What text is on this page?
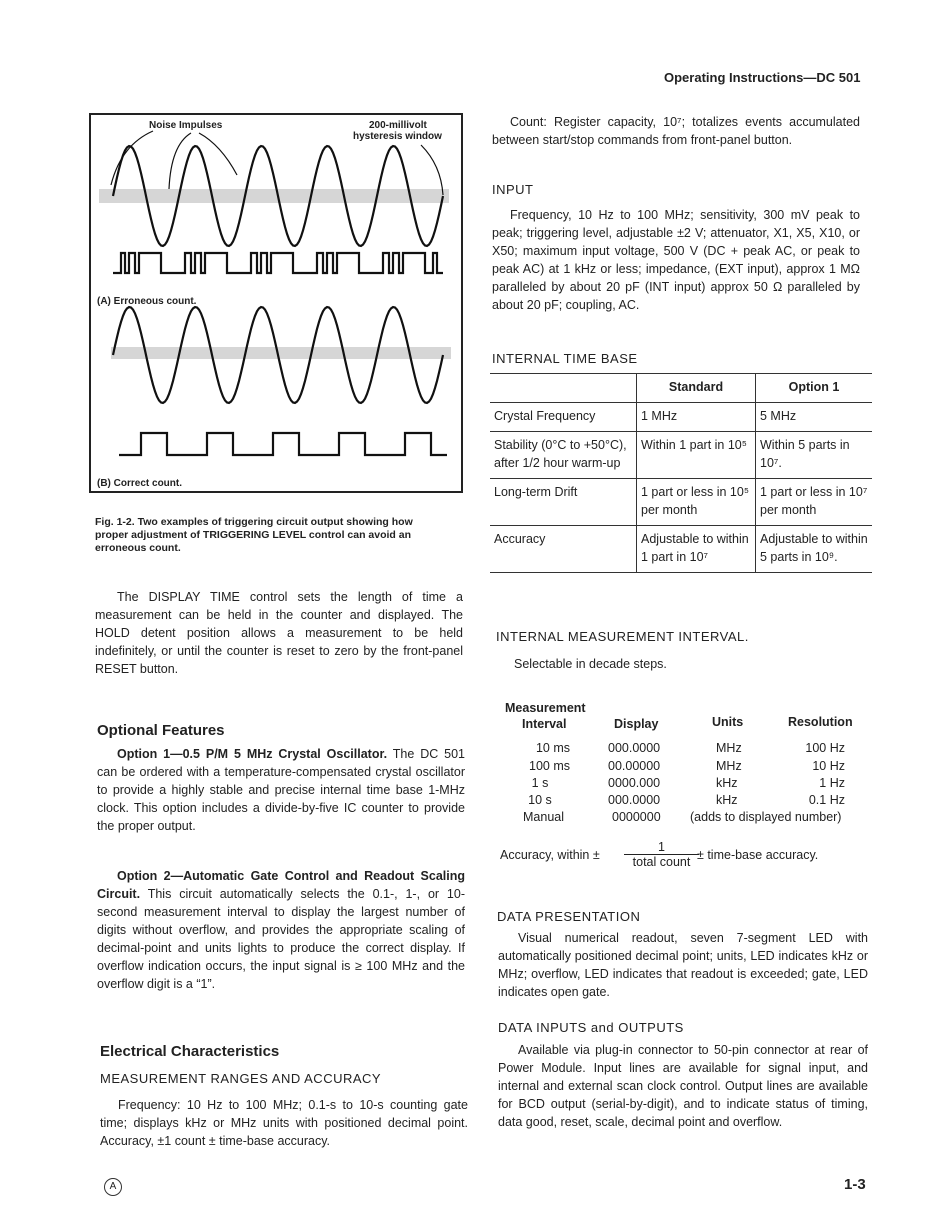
Operating Instructions—DC 501
Noise Impulses	200-millivolt
hysteresis window
(A) Erroneous count.
(B) Correct count.
Fig. 1-2. Two examples of triggering circuit output showing how
proper adjustment of TRIGGERING LEVEL control can avoid an
erroneous count.
The DISPLAY TIME control sets the length of time a measurement can be held in the counter and displayed. The HOLD detent position allows a measurement to be held indefinitely, or until the counter is reset to zero by the front-panel RESET button.
Optional Features
Option 1—0.5 P/M 5 MHz Crystal Oscillator. The DC 501 can be ordered with a temperature-compensated crystal oscillator to provide a highly stable and precise internal time base 1-MHz clock. This option includes a divide-by-five IC counter to provide the proper output.
Option 2—Automatic Gate Control and Readout Scaling Circuit. This circuit automatically selects the 0.1-, 1-, or 10-second measurement interval to display the largest number of digits without overflow, and provides the appropriate scaling of decimal-point and units lights to produce the correct display. If overflow indication occurs, the input signal is ≥ 100 MHz and the overflow digit is a “1”.
Electrical Characteristics
MEASUREMENT RANGES AND ACCURACY
Frequency: 10 Hz to 100 MHz; 0.1-s to 10-s counting gate time; displays kHz or MHz units with positioned decimal point. Accuracy, ±1 count ± time-base accuracy.
Count: Register capacity, 10⁷; totalizes events accumulated between start/stop commands from front-panel button.
INPUT
Frequency, 10 Hz to 100 MHz; sensitivity, 300 mV peak to peak; triggering level, adjustable ±2 V; attenuator, X1, X5, X10, or X50; maximum input voltage, 500 V (DC + peak AC, or peak to peak AC) at 1 kHz or less; impedance, (EXT input), approx 1 MΩ paralleled by about 20 pF (INT input) approx 50 Ω paralleled by about 20 pF; coupling, AC.
INTERNAL TIME BASE
	Standard	Option 1
Crystal Frequency	1 MHz	5 MHz
Stability (0°C to +50°C), after 1/2 hour warm-up	Within 1 part in 10⁵	Within 5 parts in 10⁷.
Long-term Drift	1 part or less in 10⁵ per month	1 part or less in 10⁷ per month
Accuracy	Adjustable to within 1 part in 10⁷	Adjustable to within 5 parts in 10⁹.
INTERNAL MEASUREMENT INTERVAL.
Selectable in decade steps.
Measurement
Interval	Display	Units	Resolution
10 ms	000.0000	MHz	100 Hz
100 ms	00.00000	MHz	10 Hz
1 s	0000.000	kHz	1 Hz
10 s	000.0000	kHz	0.1 Hz
Manual	0000000 (adds to displayed number)
Accuracy, within ±
1
total count ± time-base accuracy.
DATA PRESENTATION
Visual numerical readout, seven 7-segment LED with automatically positioned decimal point; units, LED indicates kHz or MHz; overflow, LED indicates that readout is exceeded; gate, LED indicates open gate.
DATA INPUTS and OUTPUTS
Available via plug-in connector to 50-pin connector at rear of Power Module. Input lines are available for signal input, and internal and external scan clock control. Output lines are available for BCD output (serial-by-digit), and to indicate status of timing, data good, reset, scale, decimal point and overflow.
A	1-3
